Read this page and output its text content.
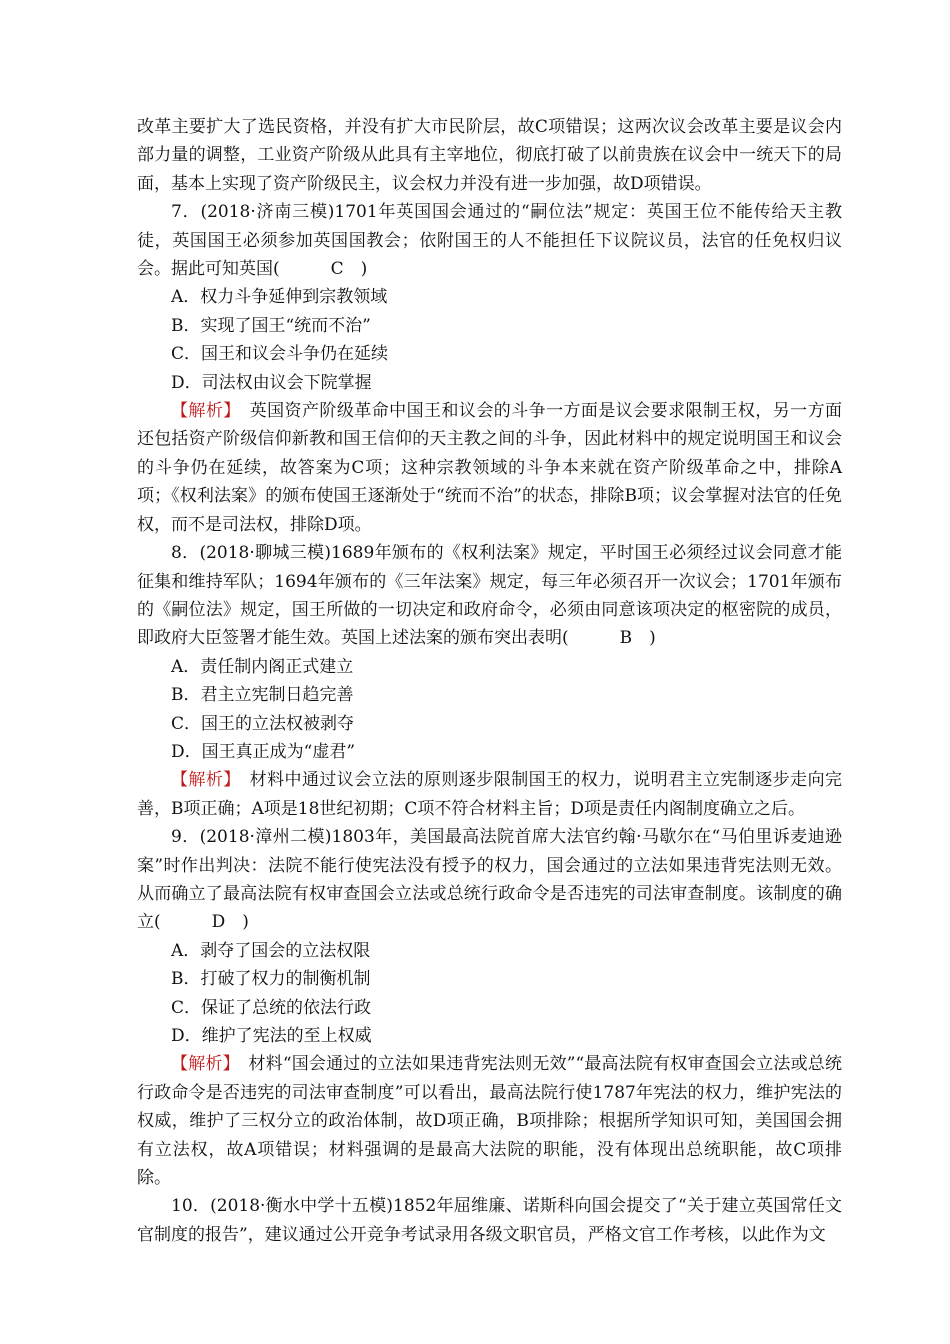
改革主要扩大了选民资格，并没有扩大市民阶层，故C项错误；这两次议会改革主要是议会内部力量的调整，工业资产阶级从此具有主宰地位，彻底打破了以前贵族在议会中一统天下的局面，基本上实现了资产阶级民主，议会权力并没有进一步加强，故D项错误。

7．(2018·济南三模)1701年英国国会通过的“嗣位法”规定：英国王位不能传给天主教徒，英国国王必须参加英国国教会；依附国王的人不能担任下议院议员，法官的任免权归议会。据此可知英国(　C　)

A．权力斗争延伸到宗教领域

B．实现了国王“统而不治”

C．国王和议会斗争仍在延续

D．司法权由议会下院掌握

【解析】　英国资产阶级革命中国王和议会的斗争一方面是议会要求限制王权，另一方面还包括资产阶级信仰新教和国王信仰的天主教之间的斗争，因此材料中的规定说明国王和议会的斗争仍在延续，故答案为C项；这种宗教领域的斗争本来就在资产阶级革命之中，排除A项；《权利法案》的颁布使国王逐渐处于“统而不治”的状态，排除B项；议会掌握对法官的任免权，而不是司法权，排除D项。

8．(2018·聊城三模)1689年颁布的《权利法案》规定，平时国王必须经过议会同意才能征集和维持军队；1694年颁布的《三年法案》规定，每三年必须召开一次议会；1701年颁布的《嗣位法》规定，国王所做的一切决定和政府命令，必须由同意该项决定的枢密院的成员，即政府大臣签署才能生效。英国上述法案的颁布突出表明(　B　)

A．责任制内阁正式建立

B．君主立宪制日趋完善

C．国王的立法权被剥夺

D．国王真正成为“虚君”

【解析】　材料中通过议会立法的原则逐步限制国王的权力，说明君主立宪制逐步走向完善，B项正确；A项是18世纪初期；C项不符合材料主旨；D项是责任内阁制度确立之后。

9．(2018·漳州二模)1803年，美国最高法院首席大法官约翰·马歇尔在“马伯里诉麦迪逊案”时作出判决：法院不能行使宪法没有授予的权力，国会通过的立法如果违背宪法则无效。从而确立了最高法院有权审查国会立法或总统行政命令是否违宪的司法审查制度。该制度的确立(　D　)

A．剥夺了国会的立法权限

B．打破了权力的制衡机制

C．保证了总统的依法行政

D．维护了宪法的至上权威

【解析】　材料“国会通过的立法如果违背宪法则无效”“最高法院有权审查国会立法或总统行政命令是否违宪的司法审查制度”可以看出，最高法院行使1787年宪法的权力，维护宪法的权威，维护了三权分立的政治体制，故D项正确，B项排除；根据所学知识可知，美国国会拥有立法权，故A项错误；材料强调的是最高大法院的职能，没有体现出总统职能，故C项排除。

10．(2018·衡水中学十五模)1852年屈维廉、诺斯科向国会提交了“关于建立英国常任文官制度的报告”，建议通过公开竞争考试录用各级文职官员，严格文官工作考核，以此作为文
